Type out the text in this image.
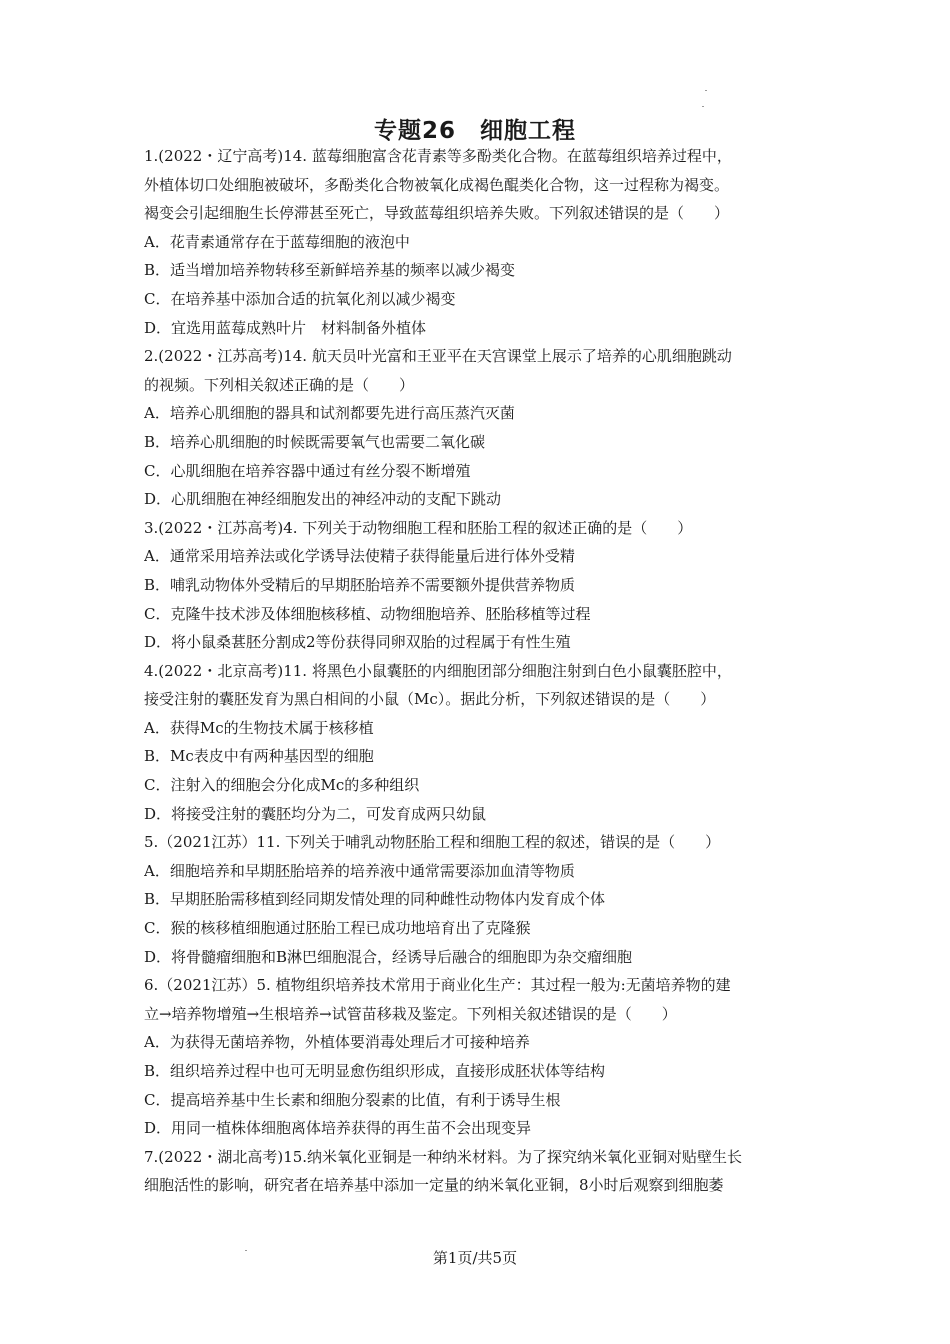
专题26　细胞工程
1.(2022・辽宁高考)14. 蓝莓细胞富含花青素等多酚类化合物。在蓝莓组织培养过程中，
外植体切口处细胞被破坏，多酚类化合物被氧化成褐色醌类化合物，这一过程称为褐变。
褐变会引起细胞生长停滞甚至死亡，导致蓝莓组织培养失败。下列叙述错误的是（　　）
A．花青素通常存在于蓝莓细胞的液泡中
B．适当增加培养物转移至新鲜培养基的频率以减少褐变
C．在培养基中添加合适的抗氧化剂以减少褐变
D．宜选用蓝莓成熟叶片　材料制备外植体
2.(2022・江苏高考)14. 航天员叶光富和王亚平在天宫课堂上展示了培养的心肌细胞跳动
的视频。下列相关叙述正确的是（　　）
A．培养心肌细胞的器具和试剂都要先进行高压蒸汽灭菌
B．培养心肌细胞的时候既需要氧气也需要二氧化碳
C．心肌细胞在培养容器中通过有丝分裂不断增殖
D．心肌细胞在神经细胞发出的神经冲动的支配下跳动
3.(2022・江苏高考)4. 下列关于动物细胞工程和胚胎工程的叙述正确的是（　　）
A．通常采用培养法或化学诱导法使精子获得能量后进行体外受精
B．哺乳动物体外受精后的早期胚胎培养不需要额外提供营养物质
C．克隆牛技术涉及体细胞核移植、动物细胞培养、胚胎移植等过程
D．将小鼠桑葚胚分割成2等份获得同卵双胎的过程属于有性生殖
4.(2022・北京高考)11. 将黑色小鼠囊胚的内细胞团部分细胞注射到白色小鼠囊胚腔中，
接受注射的囊胚发育为黑白相间的小鼠（Mc）。据此分析，下列叙述错误的是（　　）
A．获得Mc的生物技术属于核移植
B．Mc表皮中有两种基因型的细胞
C．注射入的细胞会分化成Mc的多种组织
D．将接受注射的囊胚均分为二，可发育成两只幼鼠
5.（2021江苏）11. 下列关于哺乳动物胚胎工程和细胞工程的叙述，错误的是（　　）
A．细胞培养和早期胚胎培养的培养液中通常需要添加血清等物质
B．早期胚胎需移植到经同期发情处理的同种雌性动物体内发育成个体
C．猴的核移植细胞通过胚胎工程已成功地培育出了克隆猴
D．将骨髓瘤细胞和B淋巴细胞混合，经诱导后融合的细胞即为杂交瘤细胞
6.（2021江苏）5. 植物组织培养技术常用于商业化生产：其过程一般为:无菌培养物的建
立→培养物增殖→生根培养→试管苗移栽及鉴定。下列相关叙述错误的是（　　）
A．为获得无菌培养物，外植体要消毒处理后才可接种培养
B．组织培养过程中也可无明显愈伤组织形成，直接形成胚状体等结构
C．提高培养基中生长素和细胞分裂素的比值，有利于诱导生根
D．用同一植株体细胞离体培养获得的再生苗不会出现变异
7.(2022・湖北高考)15.纳米氧化亚铜是一种纳米材料。为了探究纳米氧化亚铜对贴壁生长
细胞活性的影响，研究者在培养基中添加一定量的纳米氧化亚铜，8小时后观察到细胞萎
第1页/共5页
